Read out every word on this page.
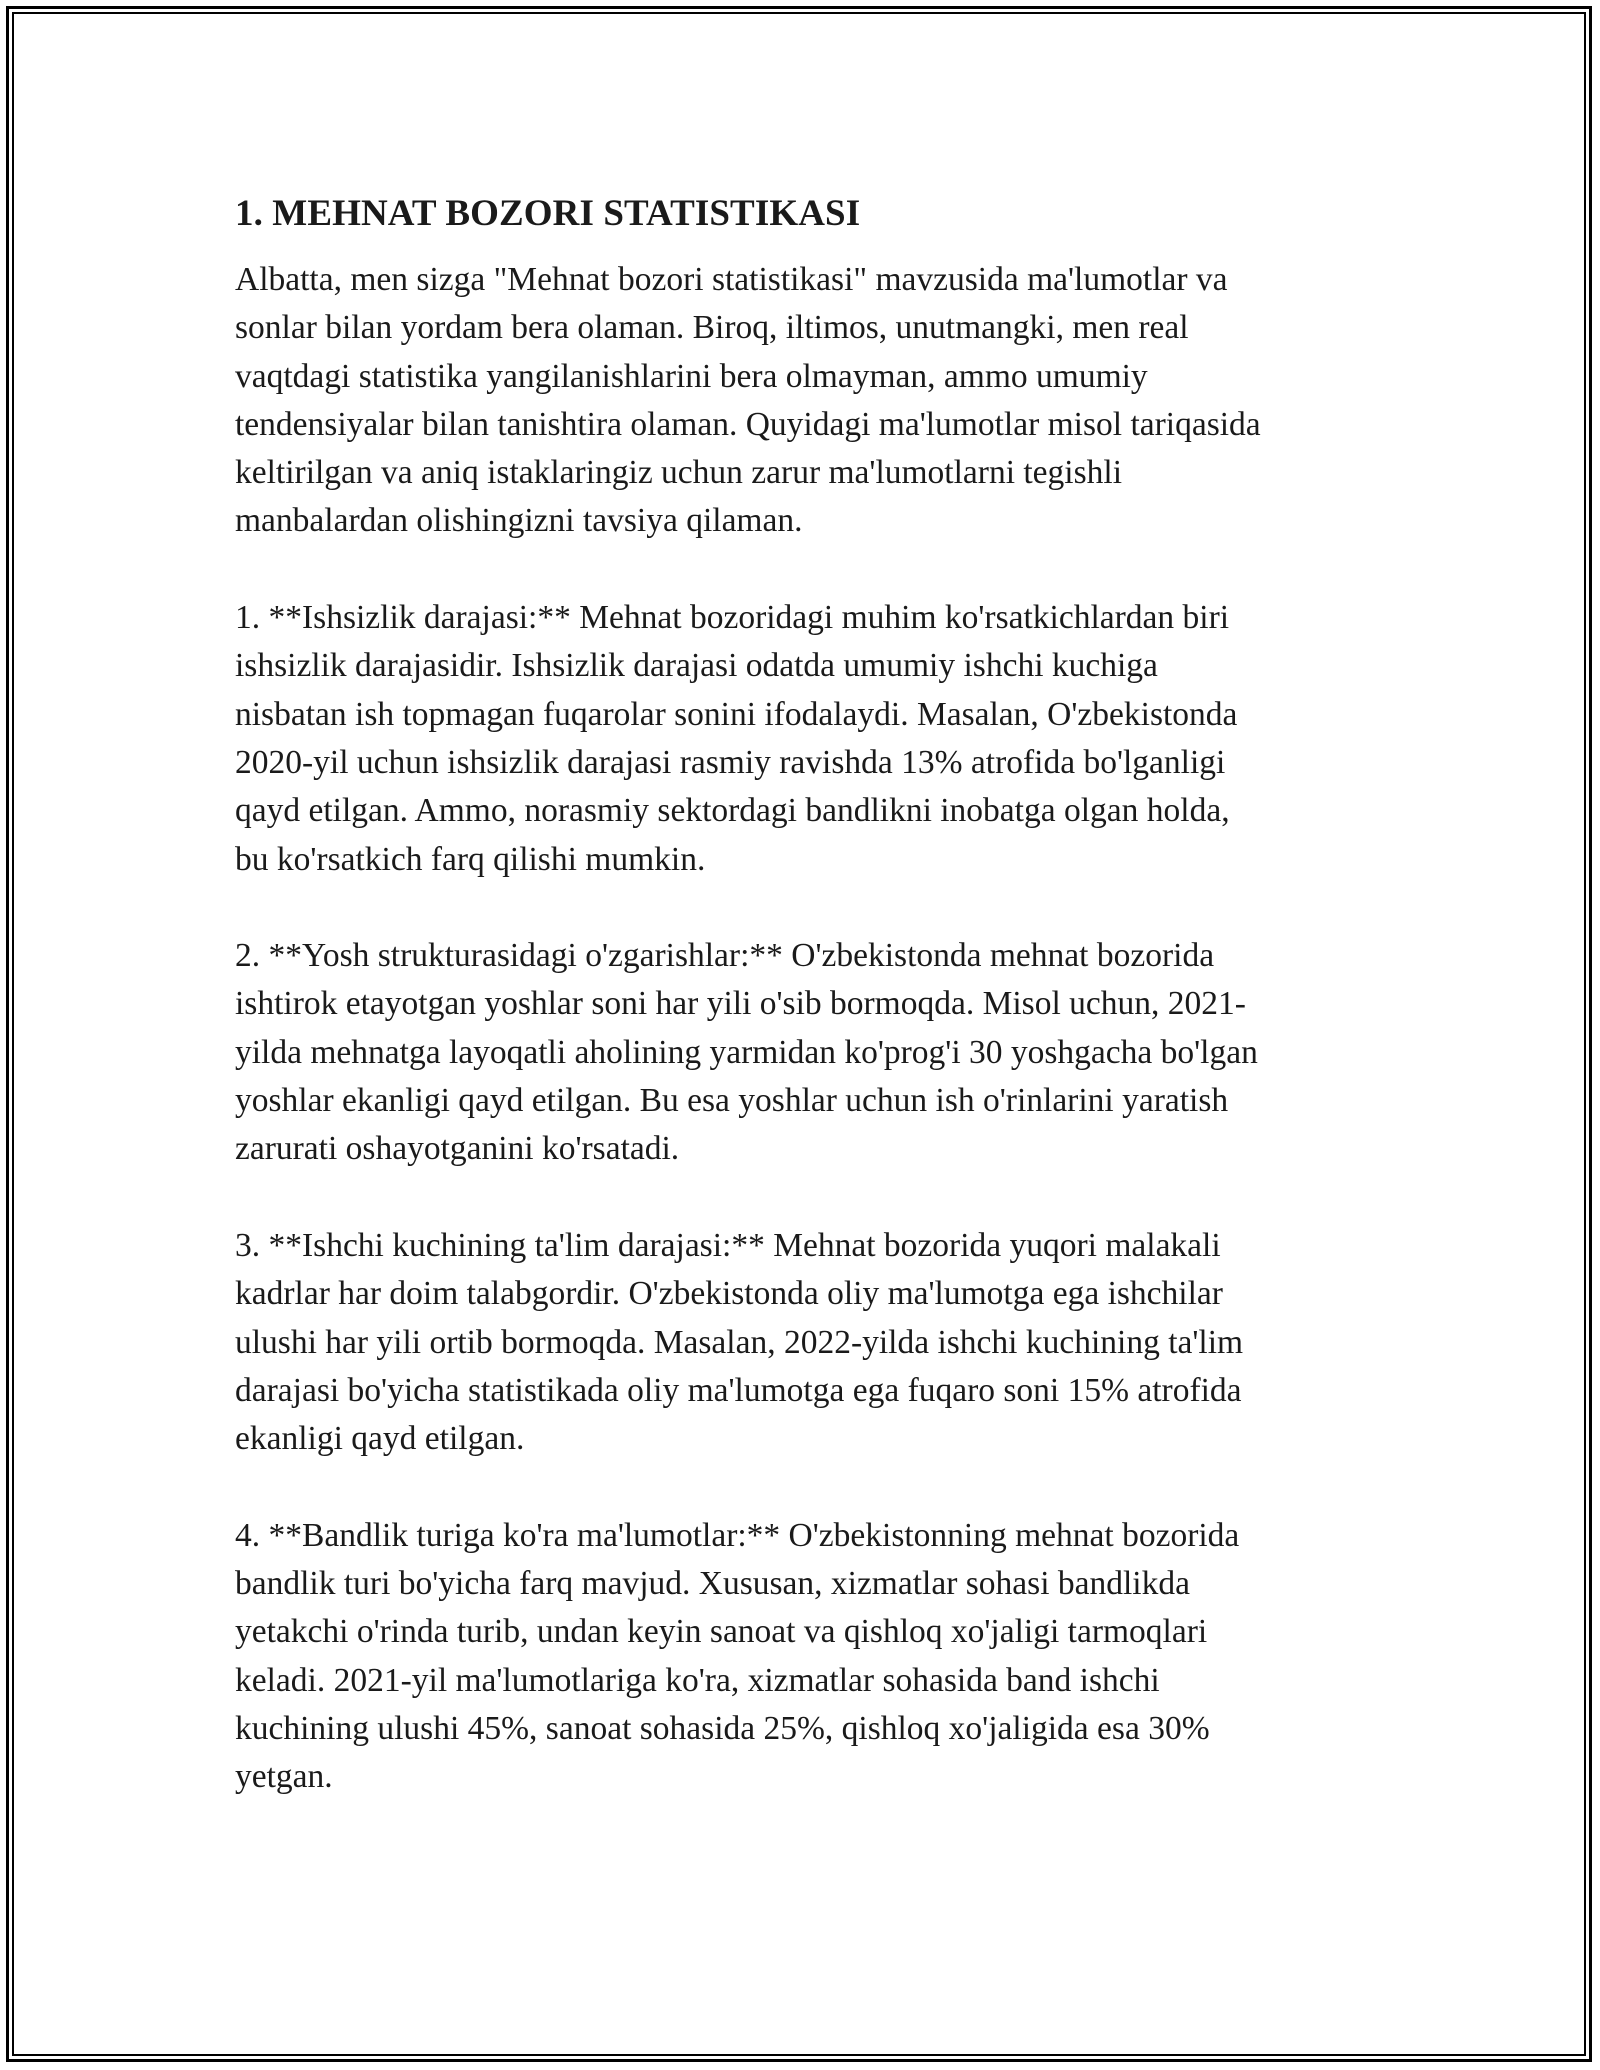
1. MEHNAT BOZORI STATISTIKASI
Albatta, men sizga "Mehnat bozori statistikasi" mavzusida ma'lumotlar va
sonlar bilan yordam bera olaman. Biroq, iltimos, unutmangki, men real
vaqtdagi statistika yangilanishlarini bera olmayman, ammo umumiy
tendensiyalar bilan tanishtira olaman. Quyidagi ma'lumotlar misol tariqasida
keltirilgan va aniq istaklaringiz uchun zarur ma'lumotlarni tegishli
manbalardan olishingizni tavsiya qilaman.
1. **Ishsizlik darajasi:** Mehnat bozoridagi muhim ko'rsatkichlardan biri
ishsizlik darajasidir. Ishsizlik darajasi odatda umumiy ishchi kuchiga
nisbatan ish topmagan fuqarolar sonini ifodalaydi. Masalan, O'zbekistonda
2020-yil uchun ishsizlik darajasi rasmiy ravishda 13% atrofida bo'lganligi
qayd etilgan. Ammo, norasmiy sektordagi bandlikni inobatga olgan holda,
bu ko'rsatkich farq qilishi mumkin.
2. **Yosh strukturasidagi o'zgarishlar:** O'zbekistonda mehnat bozorida
ishtirok etayotgan yoshlar soni har yili o'sib bormoqda. Misol uchun, 2021-
yilda mehnatga layoqatli aholining yarmidan ko'prog'i 30 yoshgacha bo'lgan
yoshlar ekanligi qayd etilgan. Bu esa yoshlar uchun ish o'rinlarini yaratish
zarurati oshayotganini ko'rsatadi.
3. **Ishchi kuchining ta'lim darajasi:** Mehnat bozorida yuqori malakali
kadrlar har doim talabgordir. O'zbekistonda oliy ma'lumotga ega ishchilar
ulushi har yili ortib bormoqda. Masalan, 2022-yilda ishchi kuchining ta'lim
darajasi bo'yicha statistikada oliy ma'lumotga ega fuqaro soni 15% atrofida
ekanligi qayd etilgan.
4. **Bandlik turiga ko'ra ma'lumotlar:** O'zbekistonning mehnat bozorida
bandlik turi bo'yicha farq mavjud. Xususan, xizmatlar sohasi bandlikda
yetakchi o'rinda turib, undan keyin sanoat va qishloq xo'jaligi tarmoqlari
keladi. 2021-yil ma'lumotlariga ko'ra, xizmatlar sohasida band ishchi
kuchining ulushi 45%, sanoat sohasida 25%, qishloq xo'jaligida esa 30%
yetgan.
